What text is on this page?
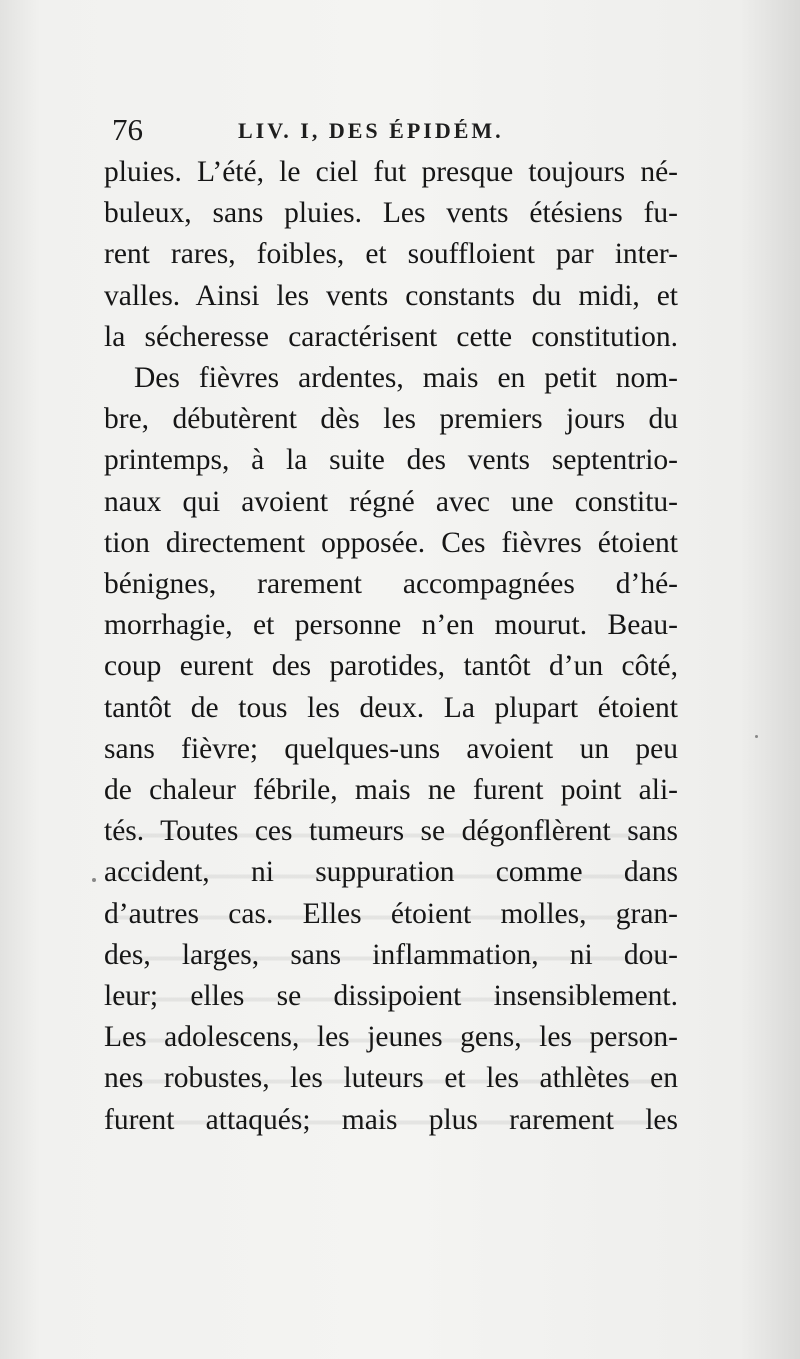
76	LIV. I, DES ÉPIDÉM.
pluies. L’été, le ciel fut presque toujours né-
buleux, sans pluies. Les vents étésiens fu-
rent rares, foibles, et souffloient par inter-
valles. Ainsi les vents constants du midi, et
la sécheresse caractérisent cette constitution.
Des fièvres ardentes, mais en petit nom-
bre, débutèrent dès les premiers jours du
printemps, à la suite des vents septentrio-
naux qui avoient régné avec une constitu-
tion directement opposée. Ces fièvres étoient
bénignes, rarement accompagnées d’hé-
morrhagie, et personne n’en mourut. Beau-
coup eurent des parotides, tantôt d’un côté,
tantôt de tous les deux. La plupart étoient
sans fièvre; quelques-uns avoient un peu
de chaleur fébrile, mais ne furent point ali-
tés. Toutes ces tumeurs se dégonflèrent sans
accident, ni suppuration comme dans
d’autres cas. Elles étoient molles, gran-
des, larges, sans inflammation, ni dou-
leur; elles se dissipoient insensiblement.
Les adolescens, les jeunes gens, les person-
nes robustes, les luteurs et les athlètes en
furent attaqués; mais plus rarement les
